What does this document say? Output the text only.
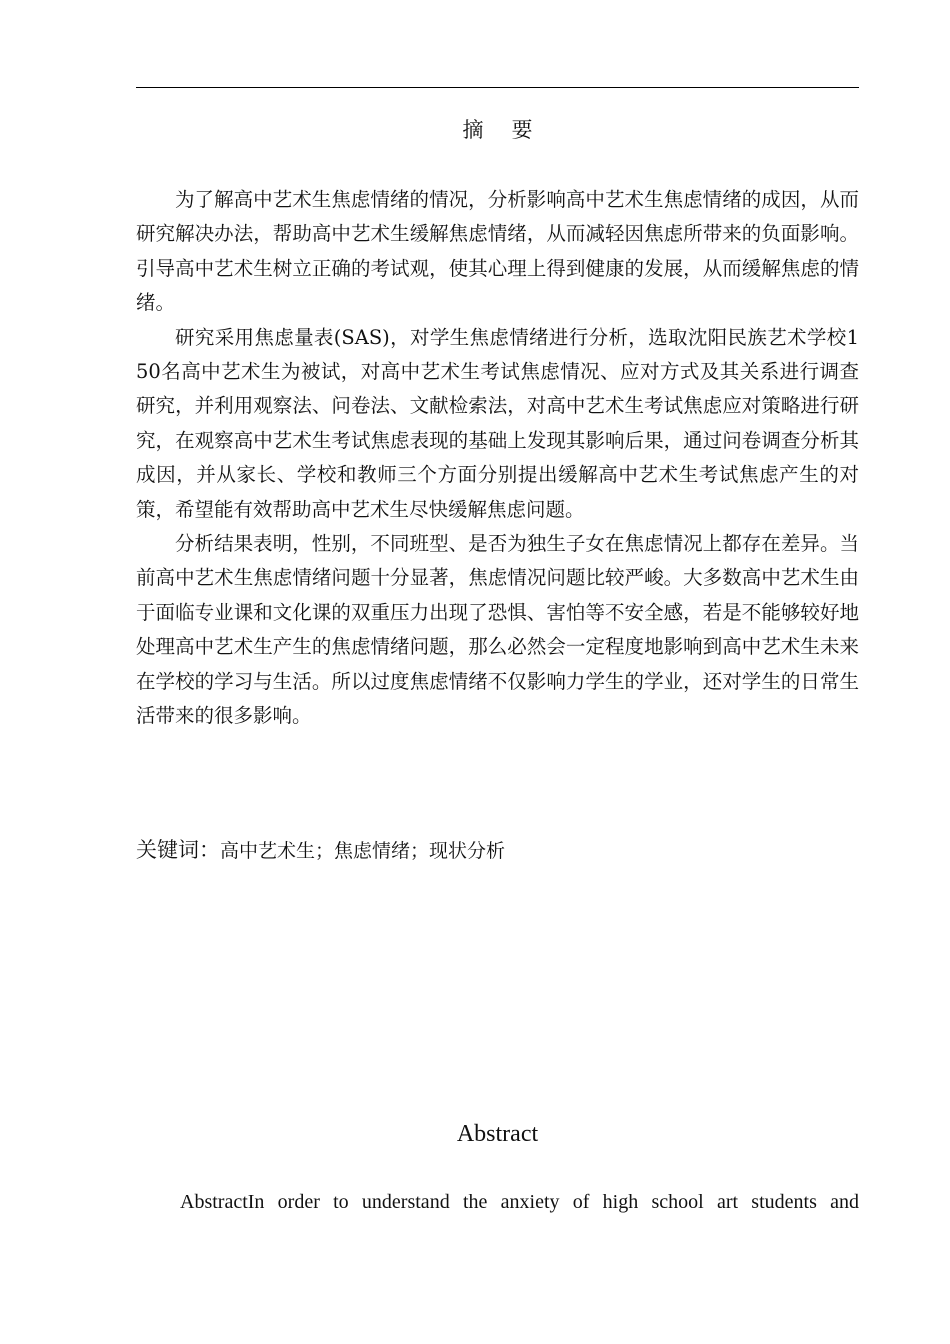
摘要

为了解高中艺术生焦虑情绪的情况，分析影响高中艺术生焦虑情绪的成因，从而研究解决办法，帮助高中艺术生缓解焦虑情绪，从而减轻因焦虑所带来的负面影响。引导高中艺术生树立正确的考试观，使其心理上得到健康的发展，从而缓解焦虑的情绪。

研究采用焦虑量表(SAS)，对学生焦虑情绪进行分析，选取沈阳民族艺术学校150名高中艺术生为被试，对高中艺术生考试焦虑情况、应对方式及其关系进行调查研究，并利用观察法、问卷法、文献检索法，对高中艺术生考试焦虑应对策略进行研究，在观察高中艺术生考试焦虑表现的基础上发现其影响后果，通过问卷调查分析其成因，并从家长、学校和教师三个方面分别提出缓解高中艺术生考试焦虑产生的对策，希望能有效帮助高中艺术生尽快缓解焦虑问题。

分析结果表明，性别，不同班型、是否为独生子女在焦虑情况上都存在差异。当前高中艺术生焦虑情绪问题十分显著，焦虑情况问题比较严峻。大多数高中艺术生由于面临专业课和文化课的双重压力出现了恐惧、害怕等不安全感，若是不能够较好地处理高中艺术生产生的焦虑情绪问题，那么必然会一定程度地影响到高中艺术生未来在学校的学习与生活。所以过度焦虑情绪不仅影响力学生的学业，还对学生的日常生活带来的很多影响。

关键词：高中艺术生；焦虑情绪；现状分析
Abstract

AbstractIn order to understand the anxiety of high school art students and
